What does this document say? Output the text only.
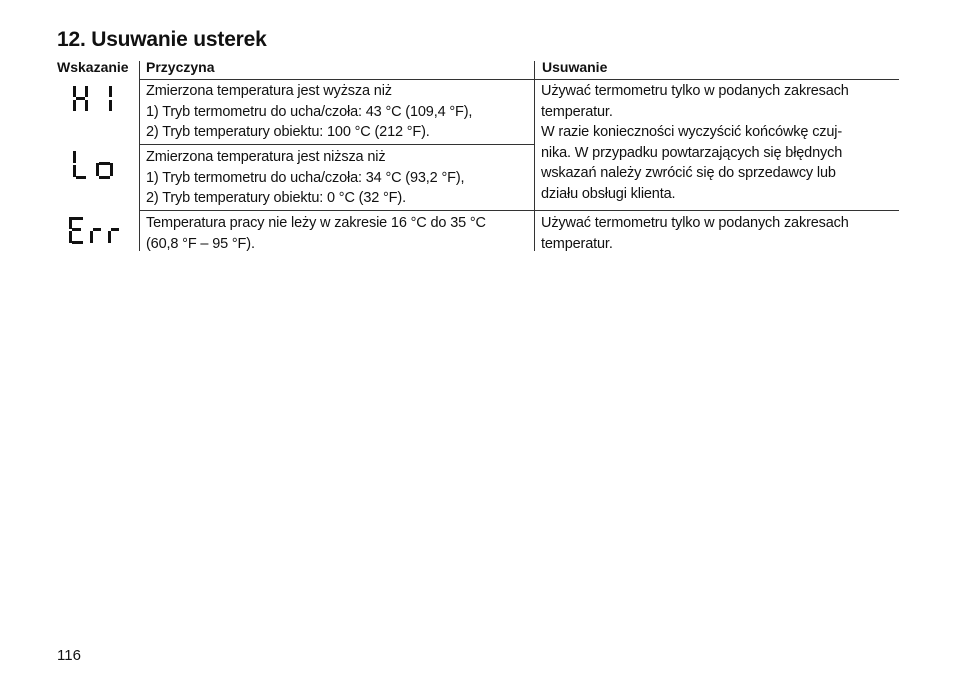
12. Usuwanie usterek
Wskazanie Przyczyna	Usuwanie
Zmierzona temperatura jest wyższa niż
1) Tryb termometru do ucha/czoła: 43 °C (109,4 °F),
2) Tryb temperatury obiektu: 100 °C (212 °F).
Zmierzona temperatura jest niższa niż
1) Tryb termometru do ucha/czoła: 34 °C (93,2 °F),
2) Tryb temperatury obiektu: 0 °C (32 °F).
Temperatura pracy nie leży w zakresie 16 °C do 35 °C
(60,8 °F – 95 °F).
Używać termometru tylko w podanych zakresach
temperatur.
W razie konieczności wyczyścić końcówkę czuj-
nika. W przypadku powtarzających się błędnych
wskazań należy zwrócić się do sprzedawcy lub
działu obsługi klienta.
Używać termometru tylko w podanych zakresach
temperatur.
116
